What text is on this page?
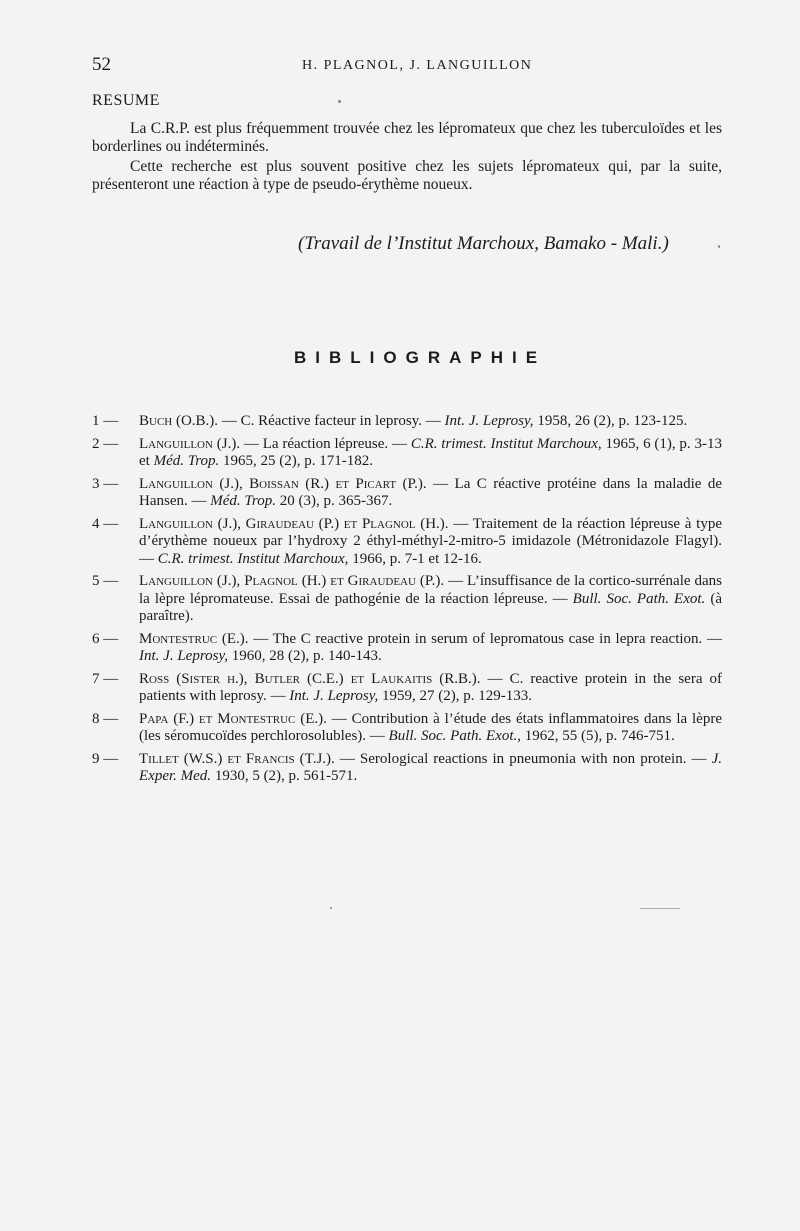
52	H. PLAGNOL, J. LANGUILLON
RESUME

La C.R.P. est plus fréquemment trouvée chez les lépromateux que chez les tuberculoïdes et les borderlines ou indéterminés.

Cette recherche est plus souvent positive chez les sujets lépromateux qui, par la suite, présenteront une réaction à type de pseudo-érythème noueux.

(Travail de l’Institut Marchoux, Bamako - Mali.)
BIBLIOGRAPHIE
1 —	Buch (O.B.). — C. Réactive facteur in leprosy. — Int. J. Leprosy, 1958, 26 (2), p. 123-125.
2 —	Languillon (J.). — La réaction lépreuse. — C.R. trimest. Institut Marchoux, 1965, 6 (1), p. 3-13 et Méd. Trop. 1965, 25 (2), p. 171-182.
3 —	Languillon (J.), Boissan (R.) et Picart (P.). — La C réactive protéine dans la maladie de Hansen. — Méd. Trop. 20 (3), p. 365-367.
4 —	Languillon (J.), Giraudeau (P.) et Plagnol (H.). — Traitement de la réaction lépreuse à type d’érythème noueux par l’hydroxy 2 éthyl-méthyl-2-mitro-5 imidazole (Métronidazole Flagyl). — C.R. trimest. Institut Marchoux, 1966, p. 7-1 et 12-16.
5 —	Languillon (J.), Plagnol (H.) et Giraudeau (P.). — L’insuffisance de la cortico-surrénale dans la lèpre lépromateuse. Essai de pathogénie de la réaction lépreuse. — Bull. Soc. Path. Exot. (à paraître).
6 —	Montestruc (E.). — The C reactive protein in serum of lepromatous case in lepra reaction. — Int. J. Leprosy, 1960, 28 (2), p. 140-143.
7 —	Ross (Sister h.), Butler (C.E.) et Laukaitis (R.B.). — C. reactive protein in the sera of patients with leprosy. — Int. J. Leprosy, 1959, 27 (2), p. 129-133.
8 —	Papa (F.) et Montestruc (E.). — Contribution à l’étude des états inflammatoires dans la lèpre (les séromucoïdes perchlorosolubles). — Bull. Soc. Path. Exot., 1962, 55 (5), p. 746-751.
9 —	Tillet (W.S.) et Francis (T.J.). — Serological reactions in pneumonia with non protein. — J. Exper. Med. 1930, 5 (2), p. 561-571.
